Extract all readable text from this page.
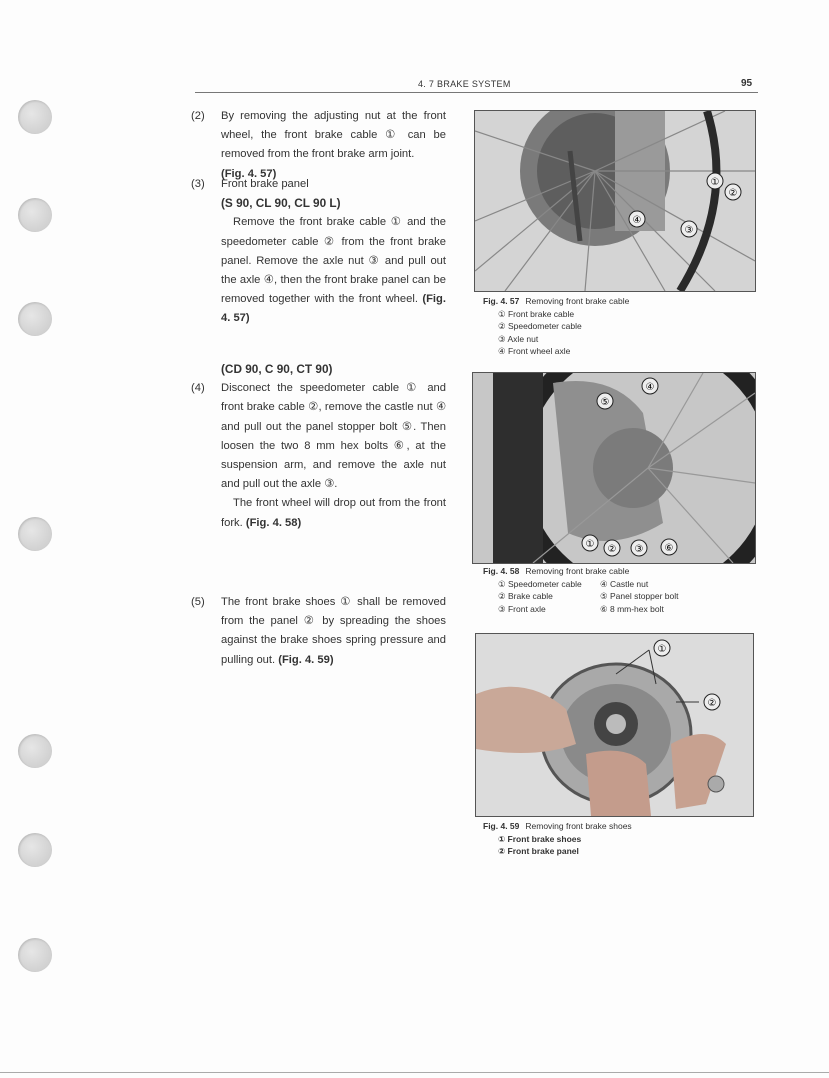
4. 7 BRAKE SYSTEM	95
(2) By removing the adjusting nut at the front wheel, the front brake cable ① can be removed from the front brake arm joint.

(Fig. 4. 57)

(3) Front brake panel

(S 90, CL 90, CL 90 L)

Remove the front brake cable ① and the speedometer cable ② from the front brake panel. Remove the axle nut ③ and pull out the axle ④, then the front brake panel can be removed together with the front wheel. (Fig. 4. 57)

(CD 90, C 90, CT 90)

(4) Disconect the speedometer cable ① and front brake cable ②, remove the castle nut ④ and pull out the panel stopper bolt ⑤. Then loosen the two 8 mm hex bolts ⑥, at the suspension arm, and remove the axle nut and pull out the axle ③.

The front wheel will drop out from the front fork. (Fig. 4. 58)

(5) The front brake shoes ① shall be removed from the panel ② by spreading the shoes against the brake shoes spring pressure and pulling out. (Fig. 4. 59)

①
②
③
④
Fig. 4. 57 Removing front brake cable
① Front brake cable
② Speedometer cable
③ Axle nut
④ Front wheel axle
① ② ③
④
⑤
⑥
Fig. 4. 58 Removing front brake cable
① Speedometer cable	④ Castle nut
② Brake cable	⑤ Panel stopper bolt
③ Front axle	⑥ 8 mm-hex bolt
①
②
Fig. 4. 59 Removing front brake shoes
① Front brake shoes
② Front brake panel
